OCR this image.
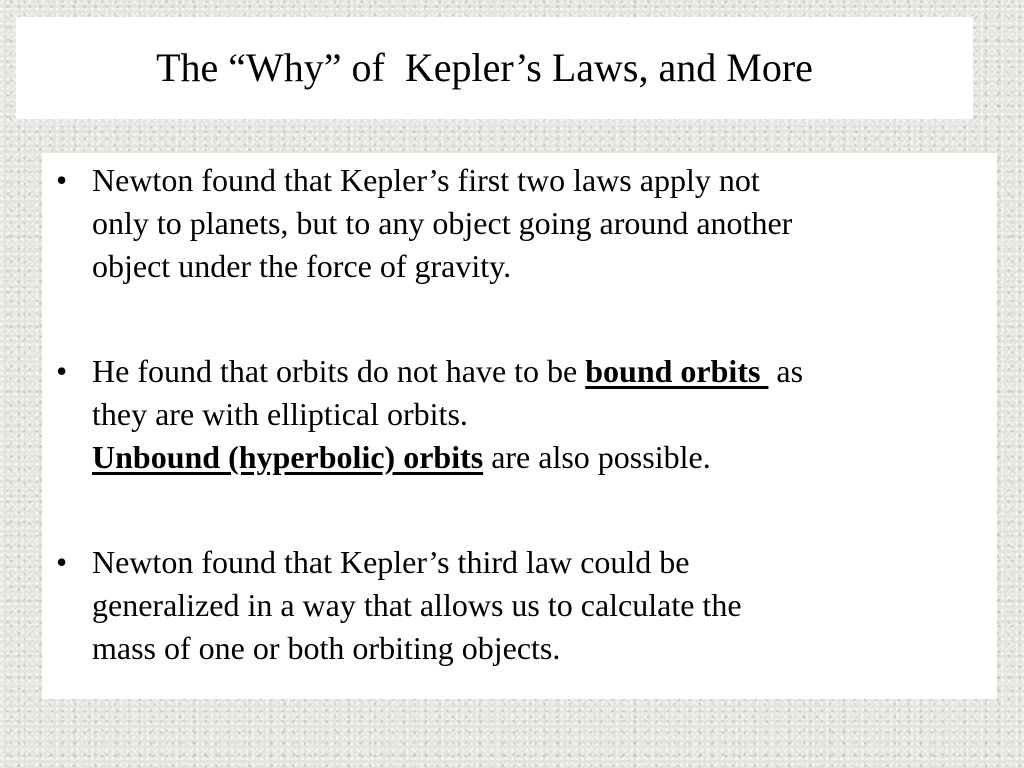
The “Why” of  Kepler’s Laws, and More
• Newton found that Kepler’s first two laws apply not
only to planets, but to any object going around another
object under the force of gravity.
• He found that orbits do not have to be bound orbits  as
they are with elliptical orbits.
Unbound (hyperbolic) orbits are also possible.
• Newton found that Kepler’s third law could be
generalized in a way that allows us to calculate the
mass of one or both orbiting objects.
